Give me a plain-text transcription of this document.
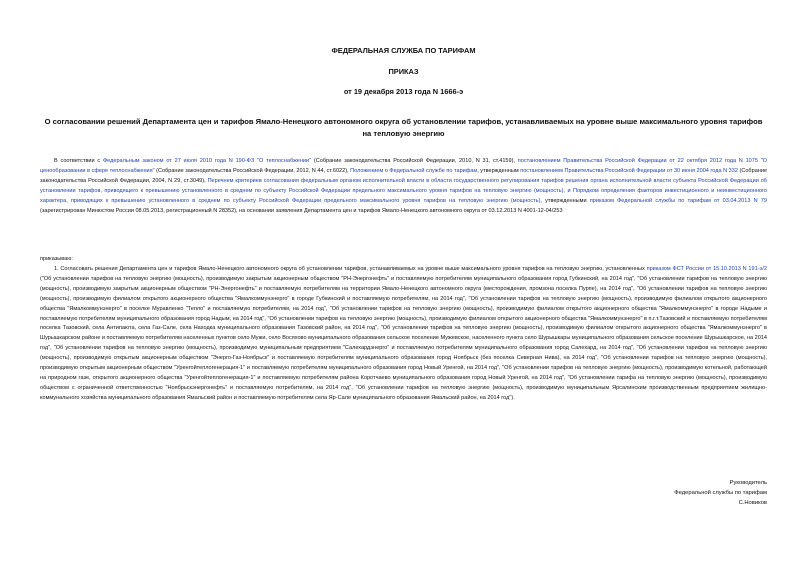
ФЕДЕРАЛЬНАЯ СЛУЖБА ПО ТАРИФАМ
ПРИКАЗ
от 19 декабря 2013 года N 1666-э
О согласовании решений Департамента цен и тарифов Ямало-Ненецкого автономного округа об установлении тарифов, устанавливаемых на уровне выше максимального уровня тарифов на тепловую энергию
В соответствии с Федеральным законом от 27 июля 2010 года N 190-ФЗ "О теплоснабжении" (Собрание законодательства Российской Федерации, 2010, N 31, ст.4159), постановлением Правительства Российской Федерации от 22 октября 2012 года N 1075 "О ценообразовании в сфере теплоснабжения" (Собрание законодательства Российской Федерации, 2012, N 44, ст.6022), Положением о Федеральной службе по тарифам, утвержденным постановлением Правительства Российской Федерации от 30 июня 2004 года N 332 (Собрание законодательства Российской Федерации, 2004, N 29, ст.3049), Перечнем критериев согласования федеральным органом исполнительной власти в области государственного регулирования тарифов решения органа исполнительной власти субъекта Российской Федерации об установлении тарифов, приводящего к превышению установленного в среднем по субъекту Российской Федерации предельного максимального уровня тарифов на тепловую энергию (мощность), и Порядком определения факторов инвестиционного и неинвестиционного характера, приводящих к превышению установленного в среднем по субъекту Российской Федерации предельного максимального уровня тарифов на тепловую энергию (мощность), утвержденными приказом Федеральной службы по тарифам от 03.04.2013 N 79 (зарегистрирован Минюстом России 08.05.2013, регистрационный N 28352), на основании заявления Департамента цен и тарифов Ямало-Ненецкого автономного округа от 03.12.2013 N 4001-12-04/253
приказываю:
1. Согласовать решения Департамента цен и тарифов Ямало-Ненецкого автономного округа об установлении тарифов, устанавливаемых на уровне выше максимального уровня тарифов на тепловую энергию, установленных приказом ФСТ России от 15.10.2013 N 191-э/2 ("Об установлении тарифов на тепловую энергию (мощность), производимую закрытым акционерным обществом "РН-Энергонефть" и поставляемую потребителям муниципального образования город Губкинский, на 2014 год", "Об установлении тарифов на тепловую энергию (мощность), производимую закрытым акционерным обществом "РН-Энергонефть" и поставляемую потребителям на территории Ямало-Ненецкого автономного округа (месторождения, промзона поселка Пурпе), на 2014 год", "Об установлении тарифов на тепловую энергию (мощность), производимую филиалом открытого акционерного общества "Ямалкоммунэнерго" в городе Губкинский и поставляемую потребителям, на 2014 год", "Об установлении тарифов на тепловую энергию (мощность), производимую филиалом открытого акционерного общества "Ямалкоммунэнерго" в поселке Муравленко "Тепло" и поставляемую потребителям, на 2014 год", "Об установлении тарифов на тепловую энергию (мощность), производимую филиалом открытого акционерного общества "Ямалкоммунэнерго" в городе Надыме и поставляемую потребителям муниципального образования город Надым, на 2014 год", "Об установлении тарифов на тепловую энергию (мощность), производимую филиалом открытого акционерного общества "Ямалкоммунэнерго" в п.г.т.Тазовский и поставляемую потребителям поселка Тазовский, села Антипаюта, села Газ-Сале, села Находка муниципального образования Тазовский район, на 2014 год", "Об установлении тарифов на тепловую энергию (мощность), производимую филиалом открытого акционерного общества "Ямалкоммунэнерго" в Шурышкарском районе и поставляемую потребителям населенных пунктов село Мужи, село Восяхово муниципального образования сельское поселение Мужевское, населенного пункта село Шурышкары муниципального образования сельское поселение Шурышкарское, на 2014 год", "Об установлении тарифов на тепловую энергию (мощность), производимую муниципальным предприятием "Салехардэнерго" и поставляемую потребителям муниципального образования город Салехард, на 2014 год", "Об установлении тарифов на тепловую энергию (мощность), производимую открытым акционерным обществом "Энерго-Газ-Ноябрьск" и поставляемую потребителям муниципального образования город Ноябрьск (без поселка Северная Нива), на 2014 год", "Об установлении тарифов на тепловую энергию (мощность), производимую открытым акционерным обществом "Уренгойтеплогенерация-1" и поставляемую потребителям муниципального образования город Новый Уренгой, на 2014 год", "Об установлении тарифов на тепловую энергию (мощность), производимую котельной, работающей на природном газе, открытого акционерного общества "Уренгойтеплогенерация-1" и поставляемую потребителям района Коротчаево муниципального образования город Новый Уренгой, на 2014 год", "Об установлении тарифа на тепловую энергию (мощность), производимую обществом с ограниченной ответственностью "Ноябрьскэнергонефть" и поставляемую потребителям, на 2014 год", "Об установлении тарифов на тепловую энергию (мощность), производимую муниципальным Ярсалинским производственным предприятием жилищно-коммунального хозяйства муниципального образования Ямальский район и поставляемую потребителям села Яр-Сале муниципального образования Ямальский район, на 2014 год").
Руководитель
Федеральной службы по тарифам
С.Новиков
